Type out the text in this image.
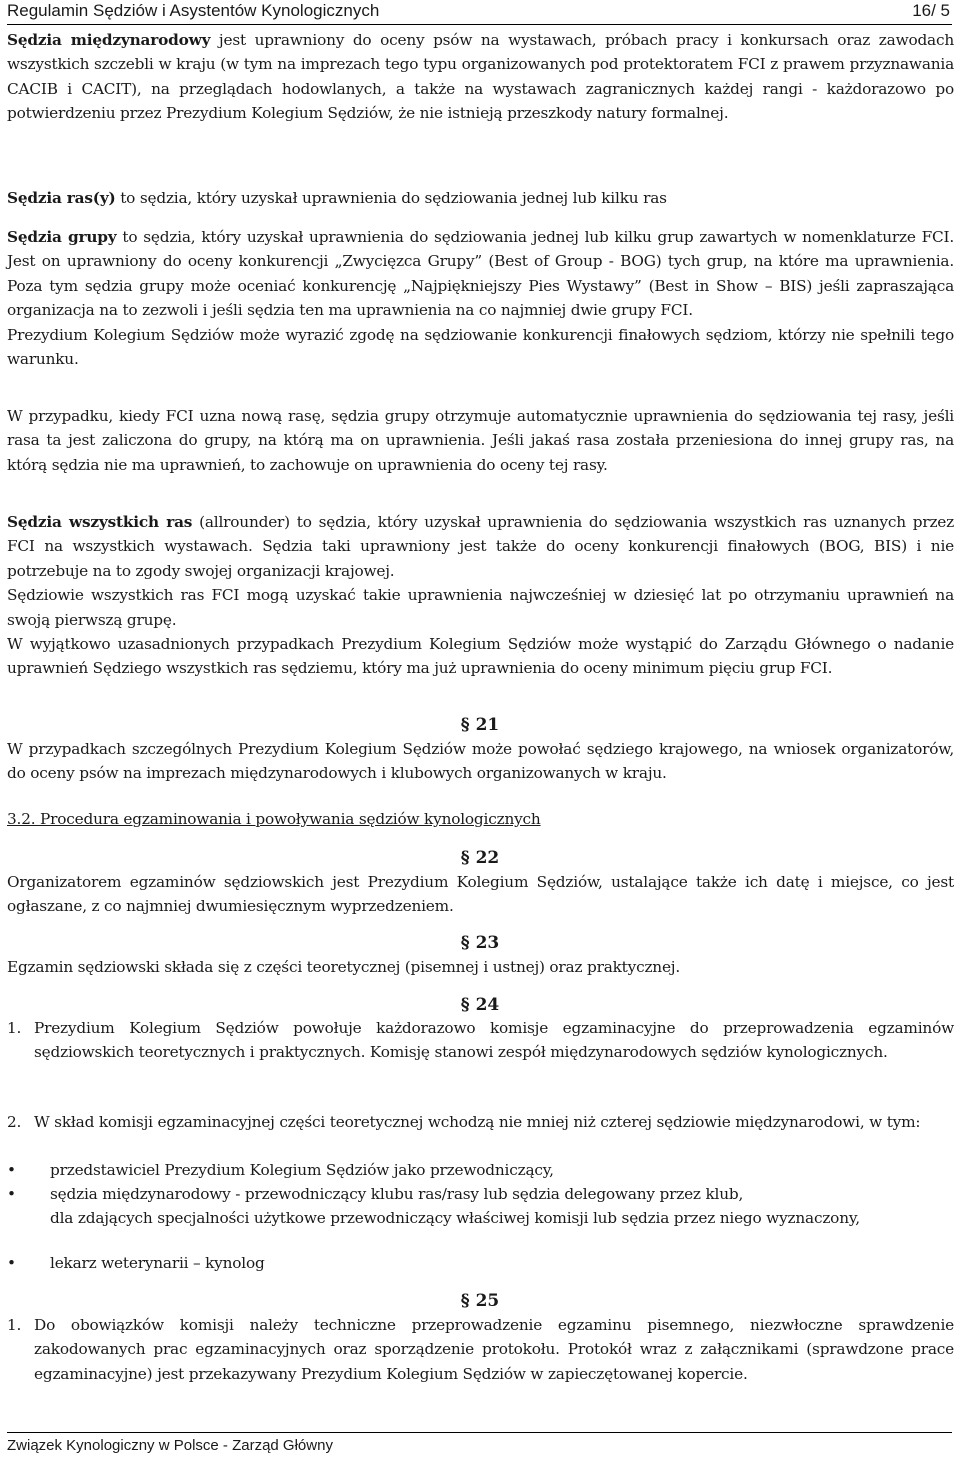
Regulamin Sędziów i Asystentów Kynologicznych	16/ 5

Sędzia międzynarodowy jest uprawniony do oceny psów na wystawach, próbach pracy i konkursach oraz zawodach wszystkich szczebli w kraju (w tym na imprezach tego typu organizowanych pod protektoratem FCI z prawem przyznawania CACIB i CACIT), na przeglądach hodowlanych, a także na wystawach zagranicznych każdej rangi - każdorazowo po potwierdzeniu przez Prezydium Kolegium Sędziów, że nie istnieją przeszkody natury formalnej.

Sędzia ras(y) to sędzia, który uzyskał uprawnienia do sędziowania jednej lub kilku ras

Sędzia grupy to sędzia, który uzyskał uprawnienia do sędziowania jednej lub kilku grup zawartych w nomenklaturze FCI. Jest on uprawniony do oceny konkurencji „Zwycięzca Grupy” (Best of Group - BOG) tych grup, na które ma uprawnienia. Poza tym sędzia grupy może oceniać konkurencję „Najpiękniejszy Pies Wystawy” (Best in Show – BIS) jeśli zapraszająca organizacja na to zezwoli i jeśli sędzia ten ma uprawnienia na co najmniej dwie grupy FCI.
Prezydium Kolegium Sędziów może wyrazić zgodę na sędziowanie konkurencji finałowych sędziom, którzy nie spełnili tego warunku.

W przypadku, kiedy FCI uzna nową rasę, sędzia grupy otrzymuje automatycznie uprawnienia do sędziowania tej rasy, jeśli rasa ta jest zaliczona do grupy, na którą ma on uprawnienia. Jeśli jakaś rasa została przeniesiona do innej grupy ras, na którą sędzia nie ma uprawnień, to zachowuje on uprawnienia do oceny tej rasy.

Sędzia wszystkich ras (allrounder) to sędzia, który uzyskał uprawnienia do sędziowania wszystkich ras uznanych przez FCI na wszystkich wystawach. Sędzia taki uprawniony jest także do oceny konkurencji finałowych (BOG, BIS) i nie potrzebuje na to zgody swojej organizacji krajowej.
Sędziowie wszystkich ras FCI mogą uzyskać takie uprawnienia najwcześniej w dziesięć lat po otrzymaniu uprawnień na swoją pierwszą grupę.
W wyjątkowo uzasadnionych przypadkach Prezydium Kolegium Sędziów może wystąpić do Zarządu Głównego o nadanie uprawnień Sędziego wszystkich ras sędziemu, który ma już uprawnienia do oceny minimum pięciu grup FCI.

§ 21

W przypadkach szczególnych Prezydium Kolegium Sędziów może powołać sędziego krajowego, na wniosek organizatorów, do oceny psów na imprezach międzynarodowych i klubowych organizowanych w kraju.

3.2. Procedura egzaminowania i powoływania sędziów kynologicznych

§ 22

Organizatorem egzaminów sędziowskich jest Prezydium Kolegium Sędziów, ustalające także ich datę i miejsce, co jest ogłaszane, z co najmniej dwumiesięcznym wyprzedzeniem.

§ 23

Egzamin sędziowski składa się z części teoretycznej (pisemnej i ustnej) oraz praktycznej.

§ 24
1. Prezydium Kolegium Sędziów powołuje każdorazowo komisje egzaminacyjne do przeprowadzenia egzaminów sędziowskich teoretycznych i praktycznych. Komisję stanowi zespół międzynarodowych sędziów kynologicznych.
2. W skład komisji egzaminacyjnej części teoretycznej wchodzą nie mniej niż czterej sędziowie międzynarodowi, w tym:
• przedstawiciel Prezydium Kolegium Sędziów jako przewodniczący,
• sędzia międzynarodowy - przewodniczący klubu ras/rasy lub sędzia delegowany przez klub,
dla zdających specjalności użytkowe przewodniczący właściwej komisji lub sędzia przez niego wyznaczony,
• lekarz weterynarii – kynolog
§ 25
1. Do obowiązków komisji należy techniczne przeprowadzenie egzaminu pisemnego, niezwłoczne sprawdzenie zakodowanych prac egzaminacyjnych oraz sporządzenie protokołu. Protokół wraz z załącznikami (sprawdzone prace egzaminacyjne) jest przekazywany Prezydium Kolegium Sędziów w zapieczętowanej kopercie.
Związek Kynologiczny w Polsce - Zarząd Główny
